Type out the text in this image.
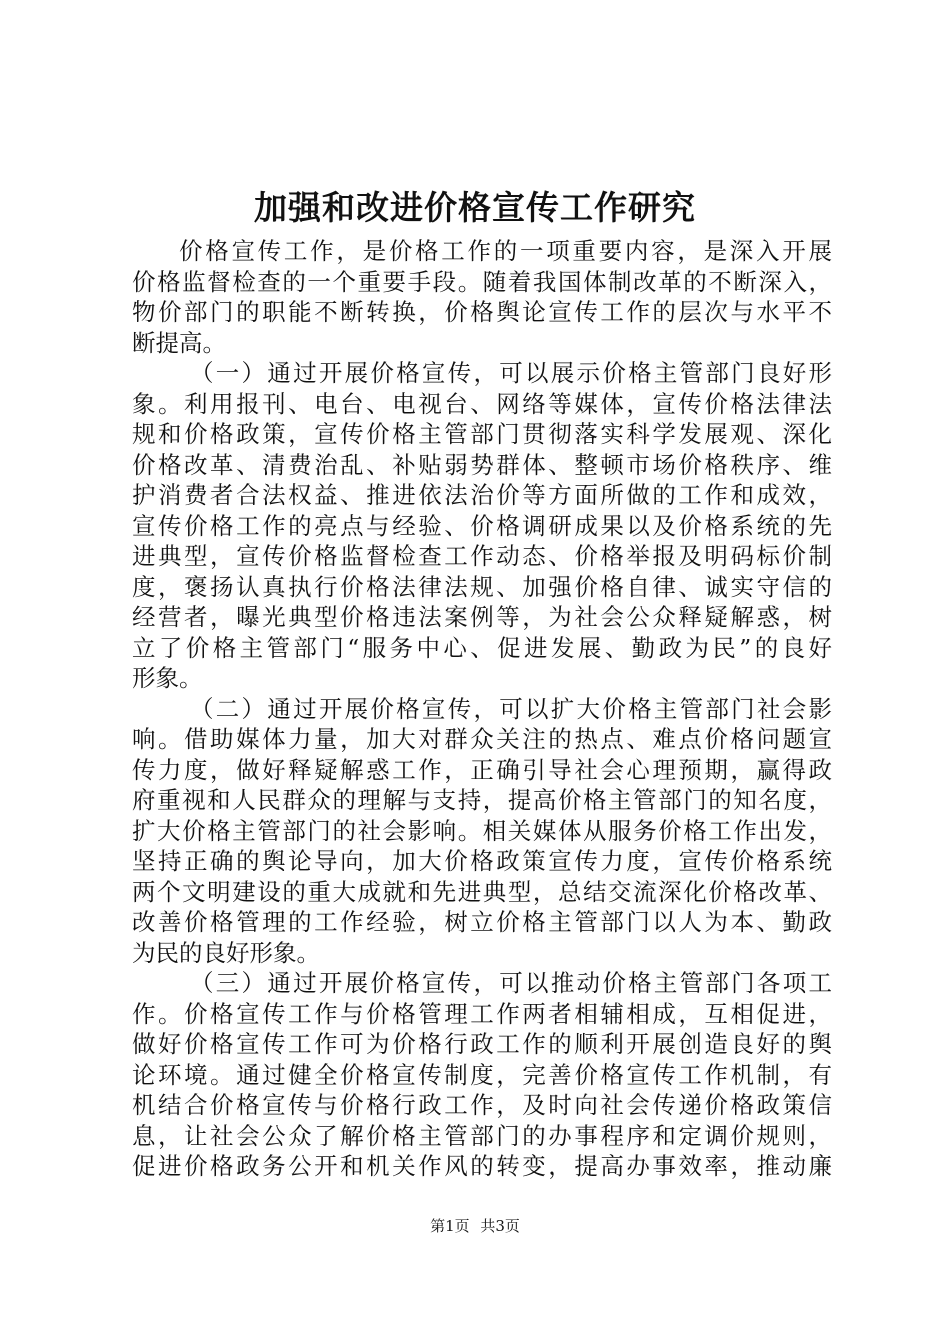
加强和改进价格宣传工作研究
价格宣传工作，是价格工作的一项重要内容，是深入开展
价格监督检查的一个重要手段。随着我国体制改革的不断深入，
物价部门的职能不断转换，价格舆论宣传工作的层次与水平不
断提高。
（一）通过开展价格宣传，可以展示价格主管部门良好形
象。利用报刊、电台、电视台、网络等媒体，宣传价格法律法
规和价格政策，宣传价格主管部门贯彻落实科学发展观、深化
价格改革、清费治乱、补贴弱势群体、整顿市场价格秩序、维
护消费者合法权益、推进依法治价等方面所做的工作和成效，
宣传价格工作的亮点与经验、价格调研成果以及价格系统的先
进典型，宣传价格监督检查工作动态、价格举报及明码标价制
度，褒扬认真执行价格法律法规、加强价格自律、诚实守信的
经营者，曝光典型价格违法案例等，为社会公众释疑解惑，树
立了价格主管部门“服务中心、促进发展、勤政为民”的良好
形象。
（二）通过开展价格宣传，可以扩大价格主管部门社会影
响。借助媒体力量，加大对群众关注的热点、难点价格问题宣
传力度，做好释疑解惑工作，正确引导社会心理预期，赢得政
府重视和人民群众的理解与支持，提高价格主管部门的知名度，
扩大价格主管部门的社会影响。相关媒体从服务价格工作出发，
坚持正确的舆论导向，加大价格政策宣传力度，宣传价格系统
两个文明建设的重大成就和先进典型，总结交流深化价格改革、
改善价格管理的工作经验，树立价格主管部门以人为本、勤政
为民的良好形象。
（三）通过开展价格宣传，可以推动价格主管部门各项工
作。价格宣传工作与价格管理工作两者相辅相成，互相促进，
做好价格宣传工作可为价格行政工作的顺利开展创造良好的舆
论环境。通过健全价格宣传制度，完善价格宣传工作机制，有
机结合价格宣传与价格行政工作，及时向社会传递价格政策信
息，让社会公众了解价格主管部门的办事程序和定调价规则，
促进价格政务公开和机关作风的转变，提高办事效率，推动廉
第1页 共3页
